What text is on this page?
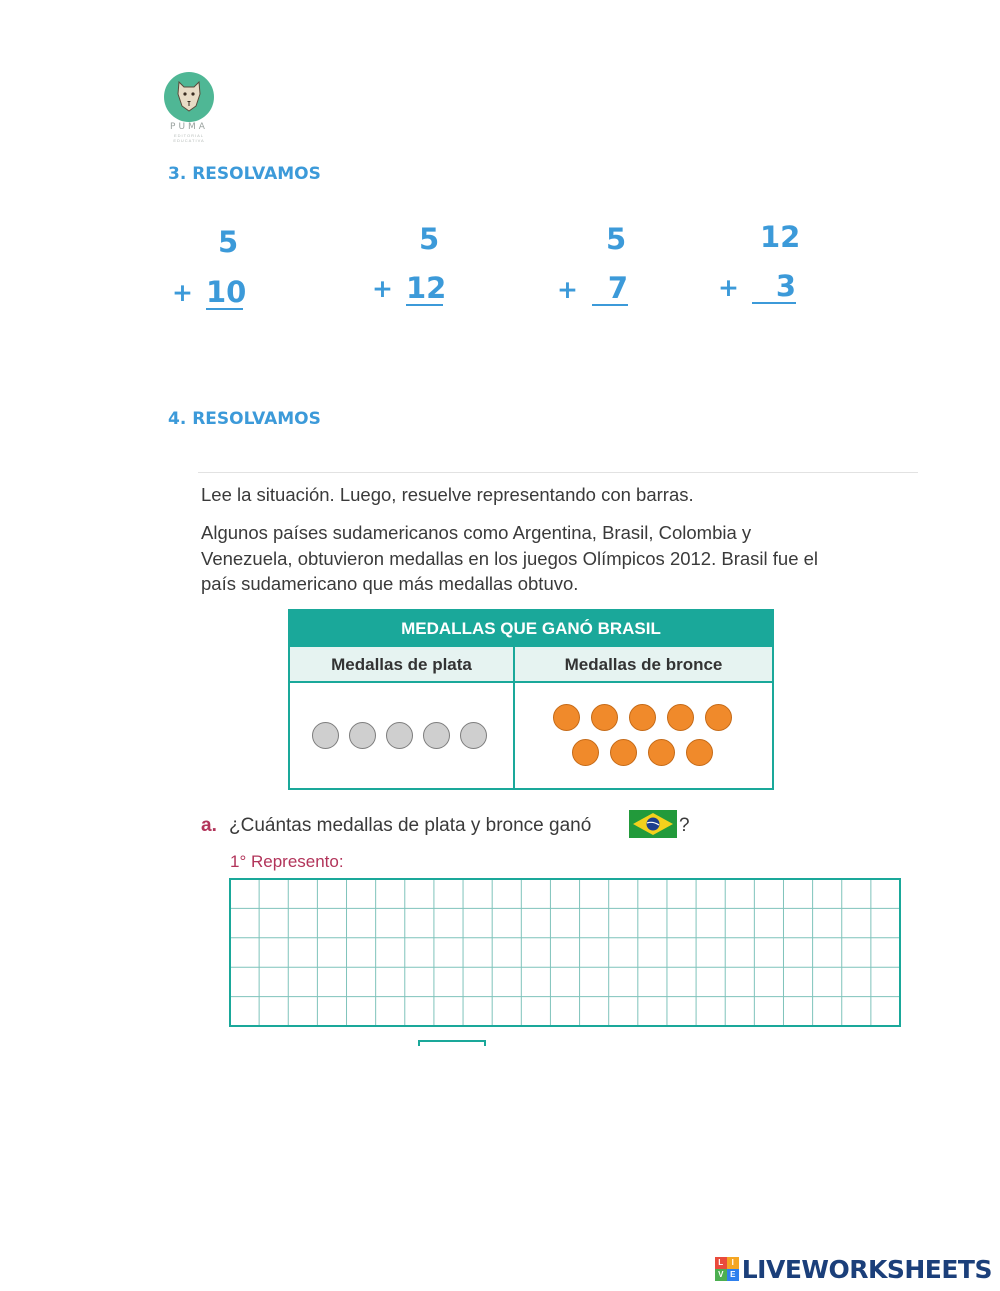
PUMA
EDITORIAL EDUCATIVA
3. RESOLVAMOS
5
+ 10
5
+ 12
5
+	7
12
+	3
4. RESOLVAMOS
Lee la situación. Luego, resuelve representando con barras.
Algunos países sudamericanos como Argentina, Brasil, Colombia y
Venezuela, obtuvieron medallas en los juegos Olímpicos 2012. Brasil fue el
país sudamericano que más medallas obtuvo.
MEDALLAS QUE GANÓ BRASIL
Medallas de plata	Medallas de bronce
a. ¿Cuántas medallas de plata y bronce ganó	?
1° Represento:
L	I
V E LIVEWORKSHEETS
